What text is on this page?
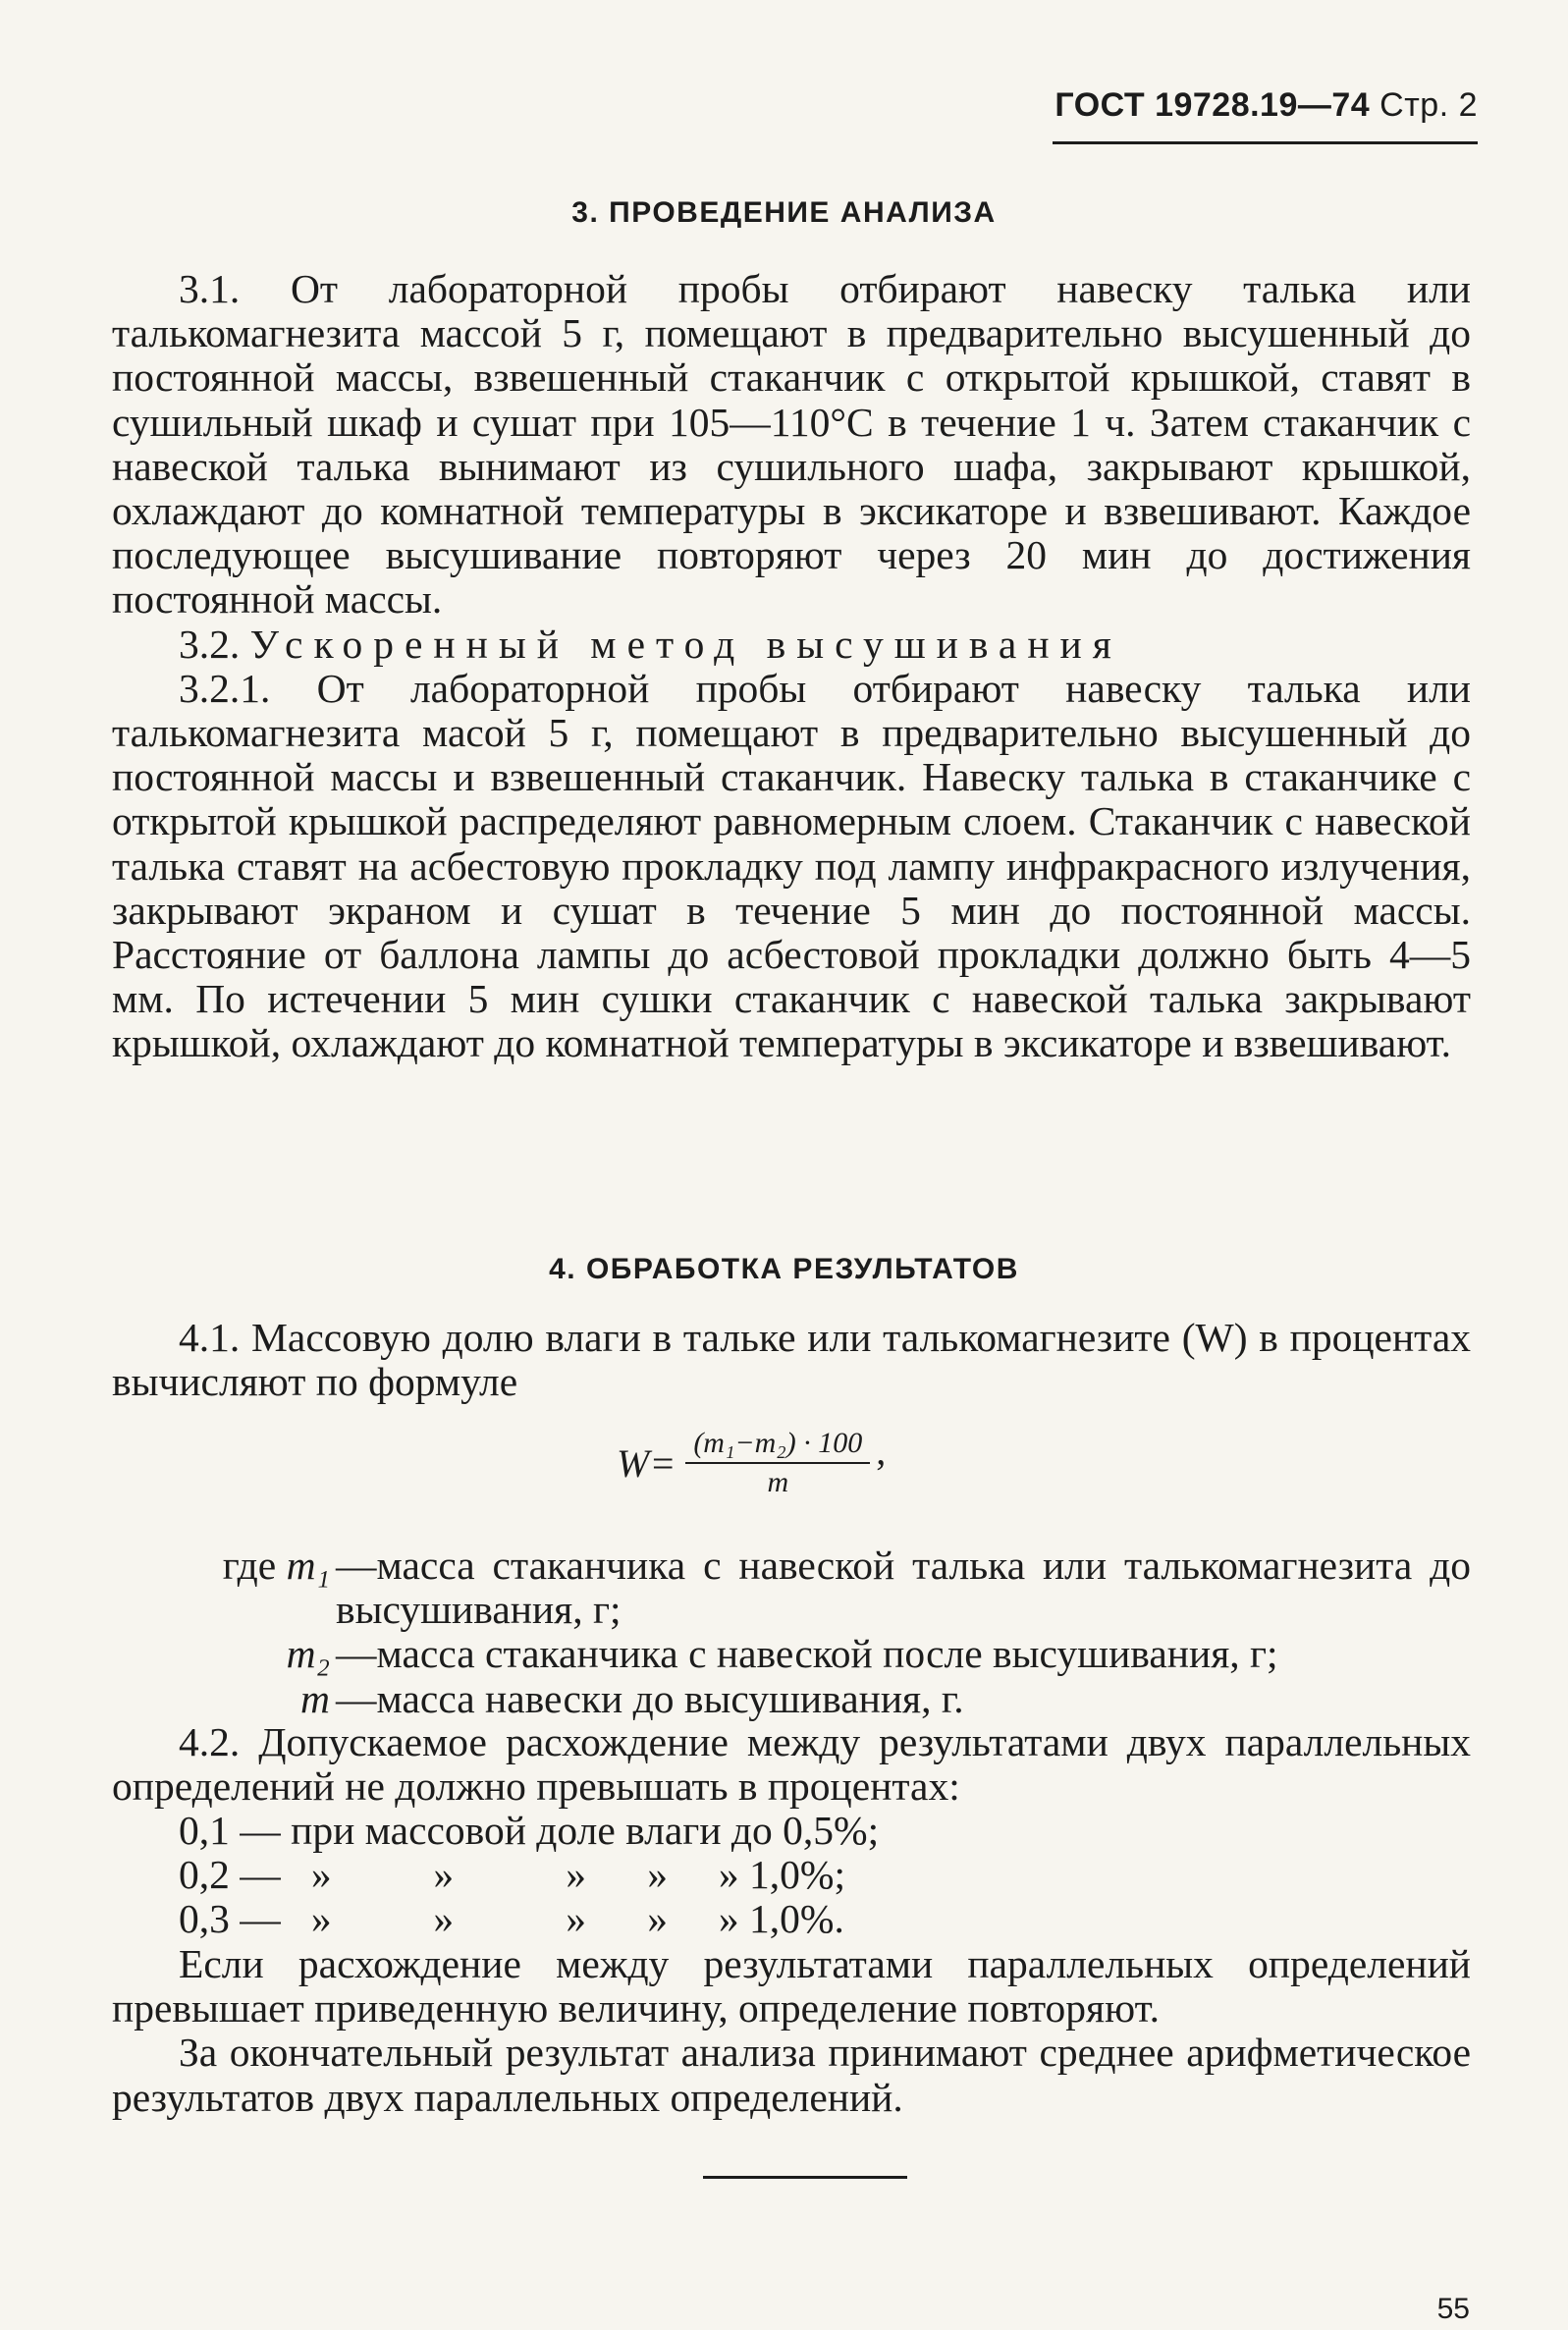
ГОСТ 19728.19—74 Стр. 2
3. ПРОВЕДЕНИЕ АНАЛИЗА

3.1. От лабораторной пробы отбирают навеску талька или талькомагнезита массой 5 г, помещают в предварительно высушенный до постоянной массы, взвешенный стаканчик с открытой крышкой, ставят в сушильный шкаф и сушат при 105—110°С в течение 1 ч. Затем стаканчик с навеской талька вынимают из сушильного шафа, закрывают крышкой, охлаждают до комнатной температуры в эксикаторе и взвешивают. Каждое последующее высушивание повторяют через 20 мин до достижения постоянной массы.

3.2. Ускоренный метод высушивания

3.2.1. От лабораторной пробы отбирают навеску талька или талькомагнезита масой 5 г, помещают в предварительно высушенный до постоянной массы и взвешенный стаканчик. Навеску талька в стаканчике с открытой крышкой распределяют равномерным слоем. Стаканчик с навеской талька ставят на асбестовую прокладку под лампу инфракрасного излучения, закрывают экраном и сушат в течение 5 мин до постоянной массы. Расстояние от баллона лампы до асбестовой прокладки должно быть 4—5 мм. По истечении 5 мин сушки стаканчик с навеской талька закрывают крышкой, охлаждают до комнатной температуры в эксикаторе и взвешивают.

4. ОБРАБОТКА РЕЗУЛЬТАТОВ

4.1. Массовую долю влаги в тальке или талькомагнезите (W) в процентах вычисляют по формуле

$W= \frac{\text{(m₁−m₂) · 100}}{m}$ ,
где m₁ —масса стаканчика с навеской талька или талькомагнезита до высушивания, г;
m₂ —масса стаканчика с навеской после высушивания, г;
m —масса навески до высушивания, г.

4.2. Допускаемое расхождение между результатами двух параллельных определений не должно превышать в процентах:

0,1 — при массовой доле влаги до 0,5%;
0,2 —   »          »           »      »     » 1,0%;
0,3 —   »          »           »      »     » 1,0%.

Если расхождение между результатами параллельных определений превышает приведенную величину, определение повторяют.

За окончательный результат анализа принимают среднее арифметическое результатов двух параллельных определений.

55
